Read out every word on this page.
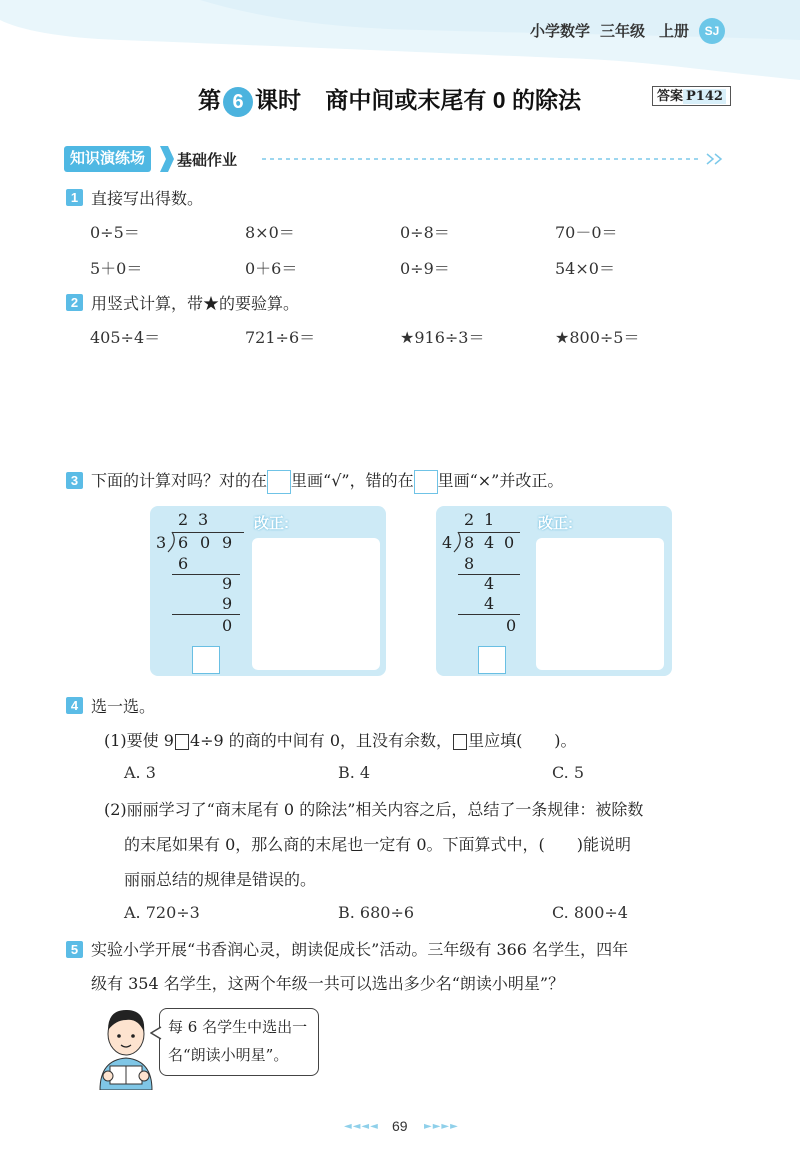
小学数学 三年级 上册	SJ
第 6 课时 商中间或末尾有 0 的除法	答案 P142
知识演练场	基础作业
1 直接写出得数。
0÷5＝	8×0＝	0÷8＝	70－0＝
5＋0＝	0＋6＝	0÷9＝	54×0＝
2 用竖式计算，带★的要验算。
405÷4＝	721÷6＝	★916÷3＝	★800÷5＝
3 下面的计算对吗？对的在 里画“√”，错的在 里画“×”并改正。
改正:
2 3
3 6 0 9
6
9
9
0
改正:
2 1
4 8 4 0
8
4
4
0
4 选一选。
(1)要使 9 4÷9 的商的中间有 0，且没有余数， 里应填(　　)。
A. 3	B. 4	C. 5
(2)丽丽学习了“商末尾有 0 的除法”相关内容之后，总结了一条规律：被除数
的末尾如果有 0，那么商的末尾也一定有 0。下面算式中，(　　)能说明
丽丽总结的规律是错误的。
A. 720÷3	B. 680÷6	C. 800÷4
5 实验小学开展“书香润心灵，朗读促成长”活动。三年级有 366 名学生，四年
级有 354 名学生，这两个年级一共可以选出多少名“朗读小明星”？
每 6 名学生中选出一
名“朗读小明星”。
◄◄◄◄ 69 ►►►►
